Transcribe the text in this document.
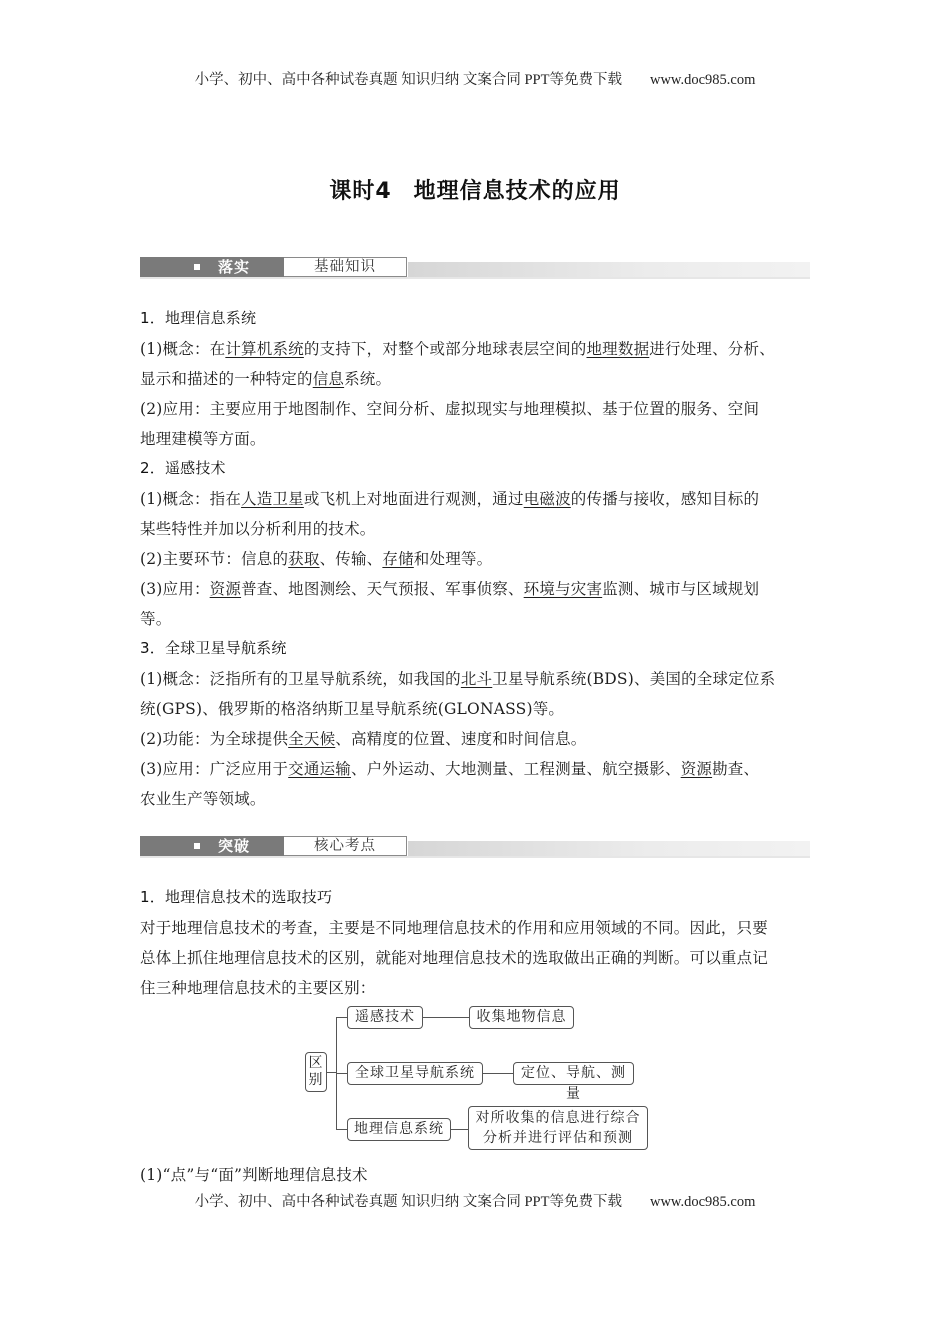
小学、初中、高中各种试卷真题 知识归纳 文案合同 PPT等免费下载 www.doc985.com
课时4 地理信息技术的应用
落实	基础知识
1．地理信息系统
(1)概念：在计算机系统的支持下，对整个或部分地球表层空间的地理数据进行处理、分析、
显示和描述的一种特定的信息系统。
(2)应用：主要应用于地图制作、空间分析、虚拟现实与地理模拟、基于位置的服务、空间
地理建模等方面。
2．遥感技术
(1)概念：指在人造卫星或飞机上对地面进行观测，通过电磁波的传播与接收，感知目标的
某些特性并加以分析利用的技术。
(2)主要环节：信息的获取、传输、存储和处理等。
(3)应用：资源普查、地图测绘、天气预报、军事侦察、环境与灾害监测、城市与区域规划
等。
3．全球卫星导航系统
(1)概念：泛指所有的卫星导航系统，如我国的北斗卫星导航系统(BDS)、美国的全球定位系
统(GPS)、俄罗斯的格洛纳斯卫星导航系统(GLONASS)等。
(2)功能：为全球提供全天候、高精度的位置、速度和时间信息。
(3)应用：广泛应用于交通运输、户外运动、大地测量、工程测量、航空摄影、资源勘查、
农业生产等领域。
突破	核心考点
1．地理信息技术的选取技巧
对于地理信息技术的考查，主要是不同地理信息技术的作用和应用领域的不同。因此，只要
总体上抓住地理信息技术的区别，就能对地理信息技术的选取做出正确的判断。可以重点记
住三种地理信息技术的主要区别：
区
别
遥感技术	收集地物信息
全球卫星导航系统	定位、导航、测量
地理信息系统
对所收集的信息进行综合
分析并进行评估和预测
(1)“点”与“面”判断地理信息技术
小学、初中、高中各种试卷真题 知识归纳 文案合同 PPT等免费下载 www.doc985.com
